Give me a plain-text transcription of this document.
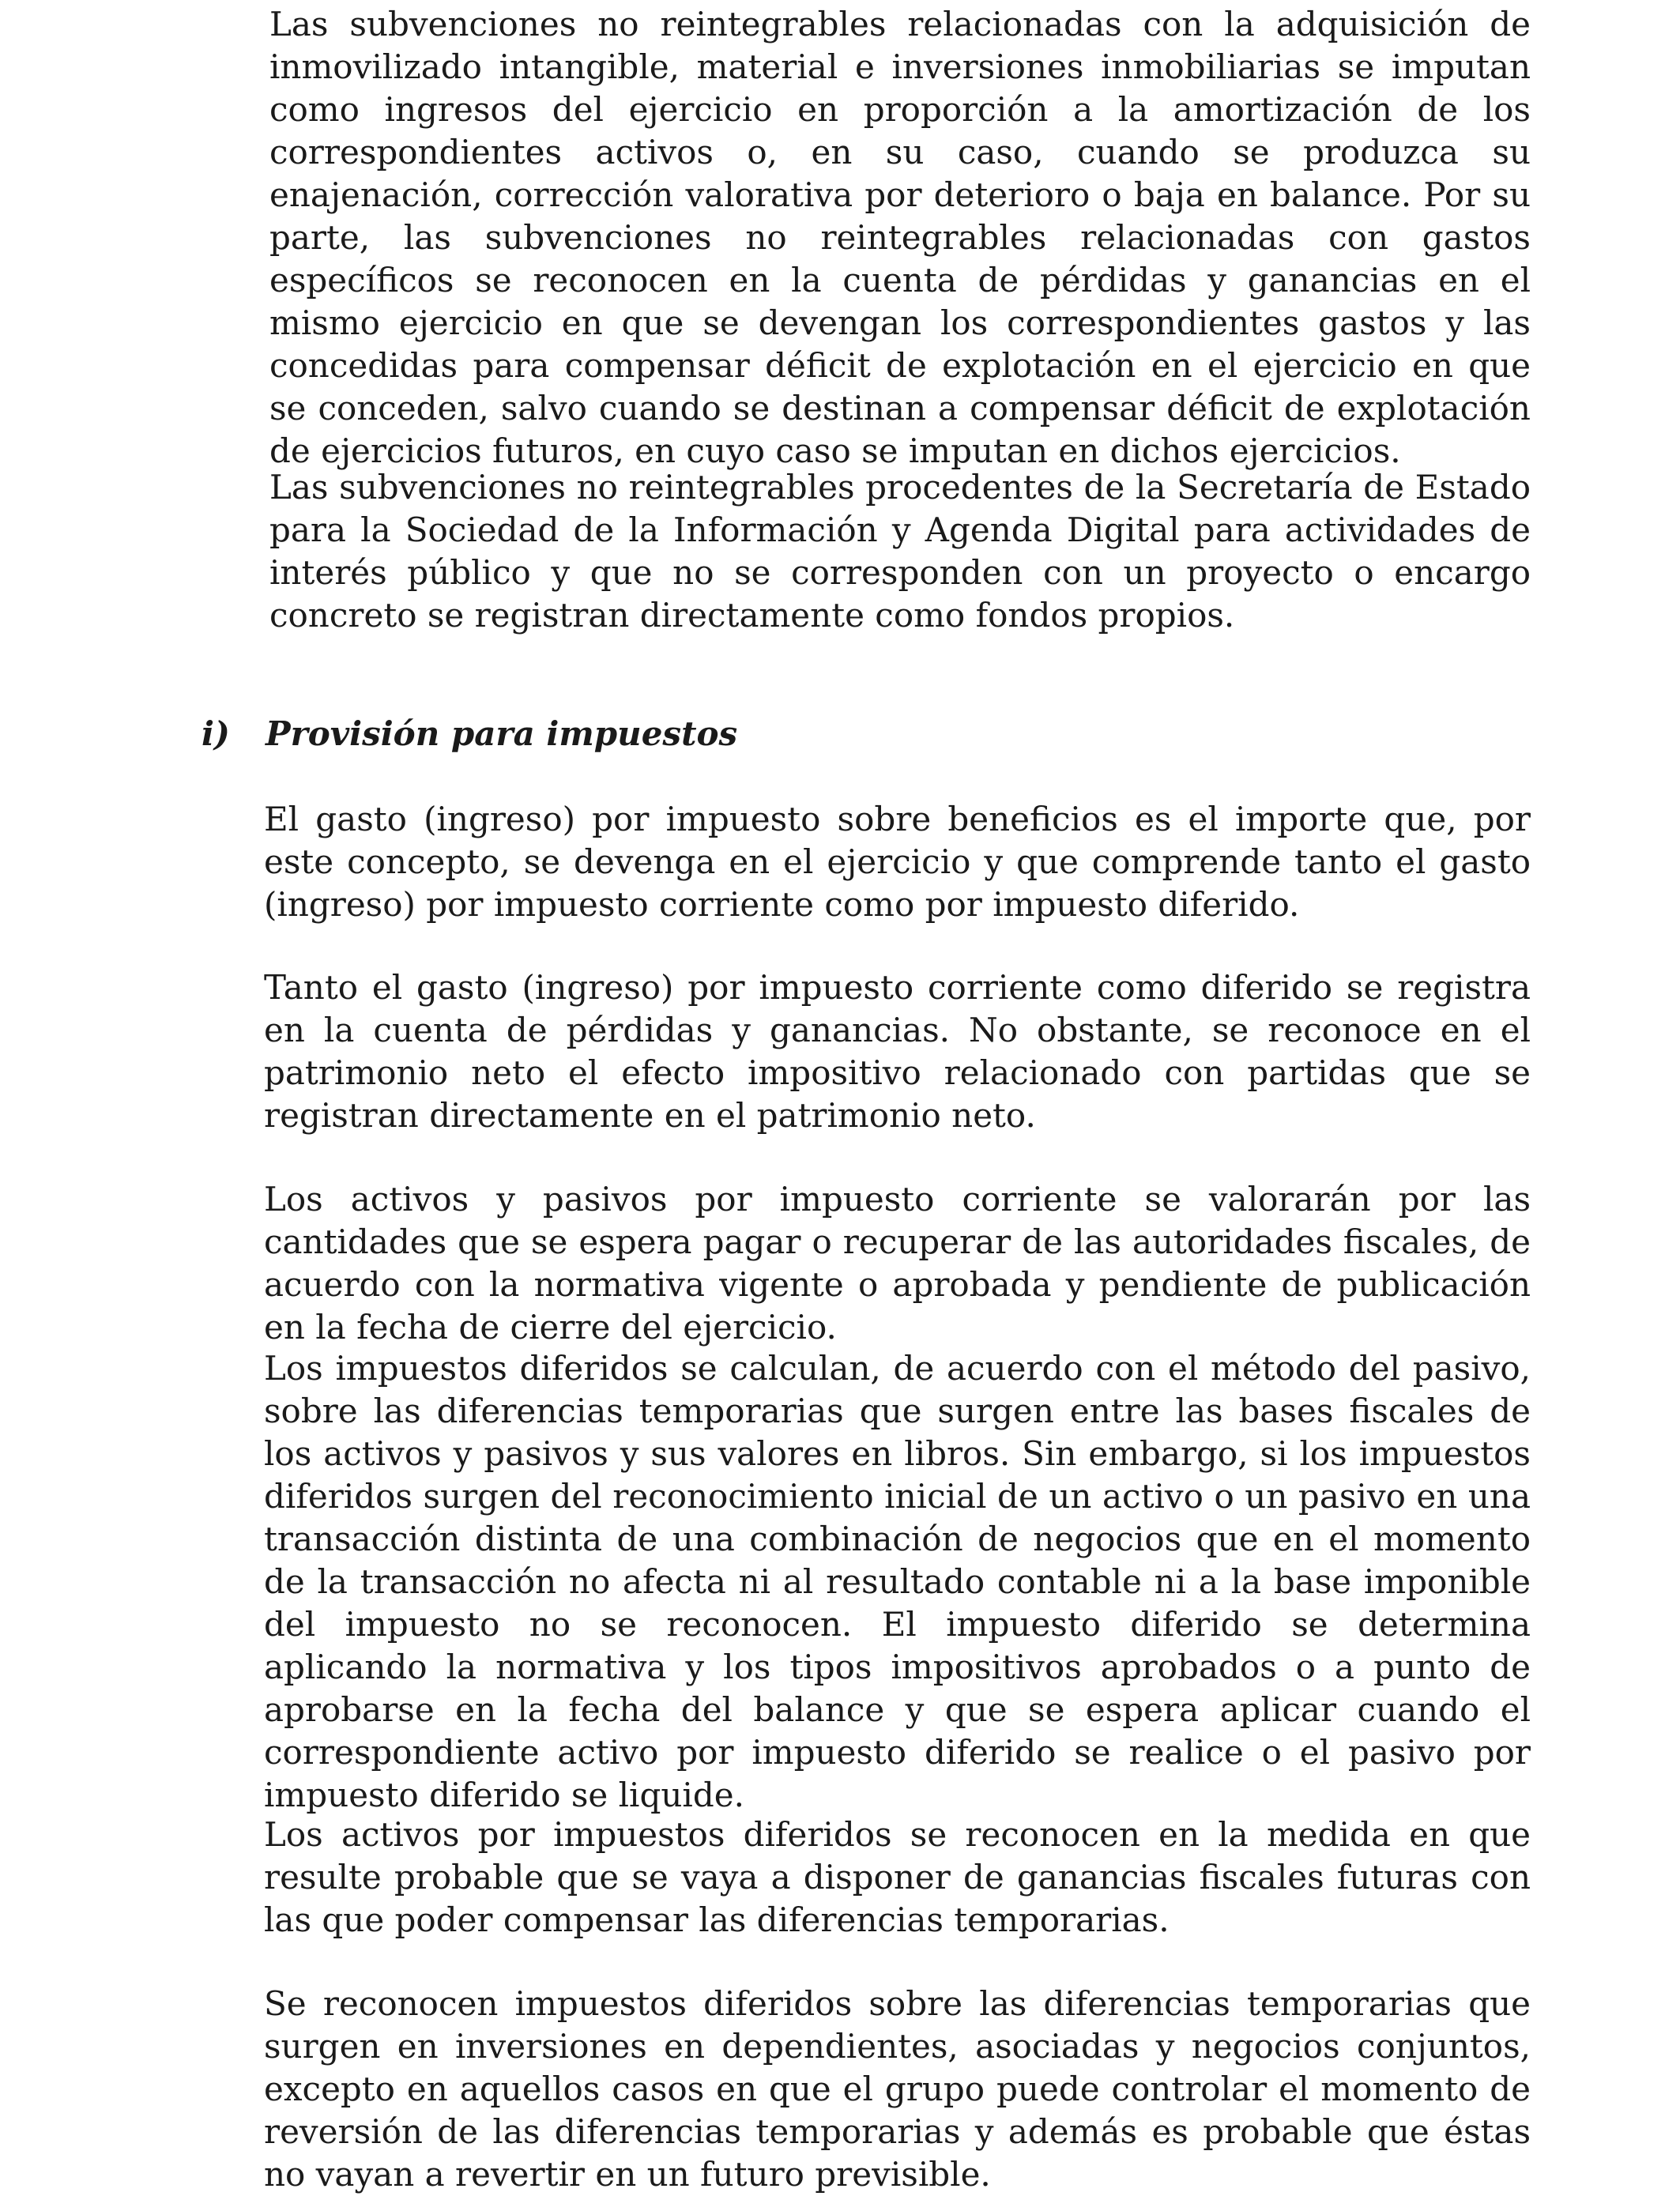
Las subvenciones no reintegrables relacionadas con la adquisición de inmovilizado intangible, material e inversiones inmobiliarias se imputan como ingresos del ejercicio en proporción a la amortización de los correspondientes activos o, en su caso, cuando se produzca su enajenación, corrección valorativa por deterioro o baja en balance. Por su parte, las subvenciones no reintegrables relacionadas con gastos específicos se reconocen en la cuenta de pérdidas y ganancias en el mismo ejercicio en que se devengan los correspondientes gastos y las concedidas para compensar déficit de explotación en el ejercicio en que se conceden, salvo cuando se destinan a compensar déficit de explotación de ejercicios futuros, en cuyo caso se imputan en dichos ejercicios.

Las subvenciones no reintegrables procedentes de la Secretaría de Estado para la Sociedad de la Información y Agenda Digital para actividades de interés público y que no se corresponden con un proyecto o encargo concreto se registran directamente como fondos propios.

i) Provisión para impuestos

El gasto (ingreso) por impuesto sobre beneficios es el importe que, por este concepto, se devenga en el ejercicio y que comprende tanto el gasto (ingreso) por impuesto corriente como por impuesto diferido.

Tanto el gasto (ingreso) por impuesto corriente como diferido se registra en la cuenta de pérdidas y ganancias. No obstante, se reconoce en el patrimonio neto el efecto impositivo relacionado con partidas que se registran directamente en el patrimonio neto.

Los activos y pasivos por impuesto corriente se valorarán por las cantidades que se espera pagar o recuperar de las autoridades fiscales, de acuerdo con la normativa vigente o aprobada y pendiente de publicación en la fecha de cierre del ejercicio.

Los impuestos diferidos se calculan, de acuerdo con el método del pasivo, sobre las diferencias temporarias que surgen entre las bases fiscales de los activos y pasivos y sus valores en libros. Sin embargo, si los impuestos diferidos surgen del reconocimiento inicial de un activo o un pasivo en una transacción distinta de una combinación de negocios que en el momento de la transacción no afecta ni al resultado contable ni a la base imponible del impuesto no se reconocen. El impuesto diferido se determina aplicando la normativa y los tipos impositivos aprobados o a punto de aprobarse en la fecha del balance y que se espera aplicar cuando el correspondiente activo por impuesto diferido se realice o el pasivo por impuesto diferido se liquide.

Los activos por impuestos diferidos se reconocen en la medida en que resulte probable que se vaya a disponer de ganancias fiscales futuras con las que poder compensar las diferencias temporarias.

Se reconocen impuestos diferidos sobre las diferencias temporarias que surgen en inversiones en dependientes, asociadas y negocios conjuntos, excepto en aquellos casos en que el grupo puede controlar el momento de reversión de las diferencias temporarias y además es probable que éstas no vayan a revertir en un futuro previsible.
